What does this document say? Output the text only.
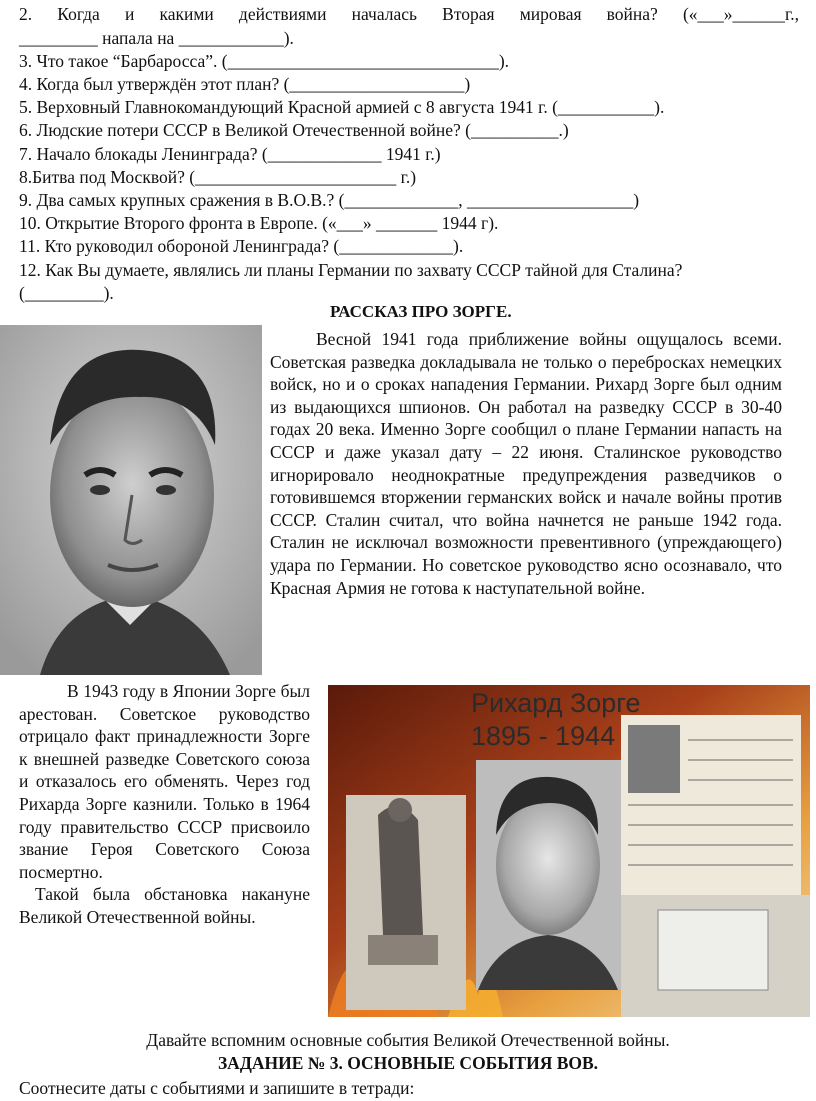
2. Когда и какими действиями началась Вторая мировая война? («___»______г.,
_________ напала на ____________).
3. Что такое “Барбаросса”. (_______________________________).
4. Когда был утверждён этот план? (____________________)
5. Верховный Главнокомандующий Красной армией с 8 августа 1941 г. (___________).
6. Людские потери СССР в Великой Отечественной войне? (__________.)
7. Начало блокады Ленинграда? (_____________ 1941 г.)
8.Битва под Москвой? (_______________________ г.)
9. Два самых крупных сражения в В.О.В.? (_____________, ___________________)
10. Открытие Второго фронта в Европе. («___» _______ 1944 г).
11. Кто руководил обороной Ленинграда? (_____________).
12. Как Вы думаете, являлись ли планы Германии по захвату СССР тайной для Сталина?
(_________).
РАССКАЗ ПРО ЗОРГЕ.

Весной 1941 года приближение войны ощущалось всеми. Советская разведка докладывала не только о перебросках немецких войск, но и о сроках нападения Германии. Рихард Зорге был одним из выдающихся шпионов. Он работал на разведку СССР в 30-40 годах 20 века. Именно Зорге сообщил о плане Германии напасть на СССР и даже указал дату – 22 июня. Сталинское руководство игнорировало неоднократные предупреждения разведчиков о готовившемся вторжении германских войск и начале войны против СССР. Сталин считал, что война начнется не раньше 1942 года. Сталин не исключал возможности превентивного (упреждающего) удара по Германии. Но советское руководство ясно осознавало, что Красная Армия не готова к наступательной войне.

В 1943 году в Японии Зорге был арестован. Советское руководство отрицало факт принадлежности Зорге к внешней разведке Советского союза и отказалось его обменять. Через год Рихарда Зорге казнили. Только в 1964 году правительство СССР присвоило звание Героя Советского Союза посмертно.

Такой была обстановка накануне Великой Отечественной войны.

Рихард Зорге
1895 - 1944
Давайте вспомним основные события Великой Отечественной войны.
ЗАДАНИЕ № 3. ОСНОВНЫЕ СОБЫТИЯ ВОВ.
Соотнесите даты с событиями и запишите в тетради:
